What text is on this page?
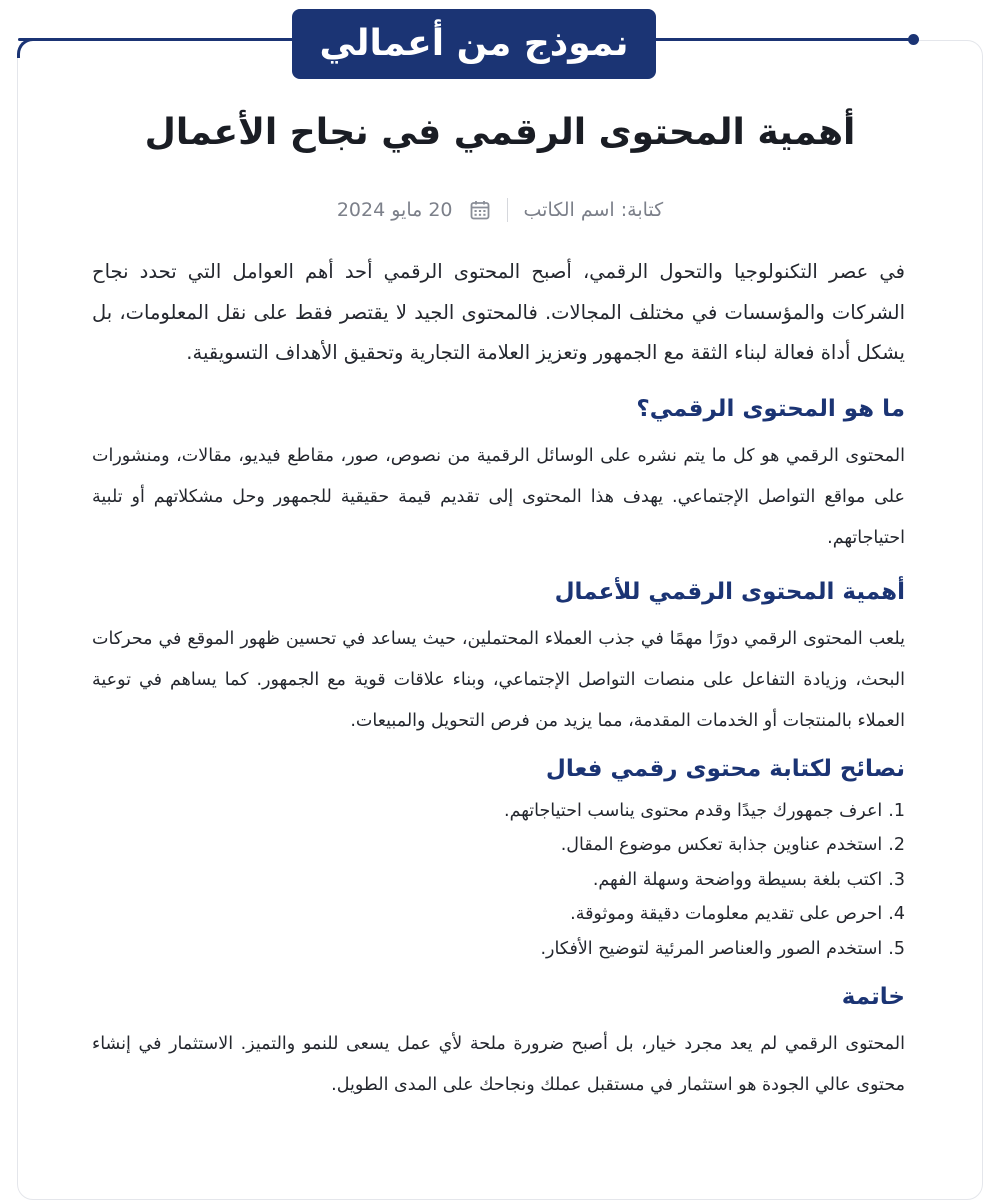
نموذج من أعمالي
أهمية المحتوى الرقمي في نجاح الأعمال
كتابة: اسم الكاتب
20 مايو 2024

في عصر التكنولوجيا والتحول الرقمي، أصبح المحتوى الرقمي أحد أهم العوامل التي تحدد نجاح الشركات والمؤسسات في مختلف المجالات. فالمحتوى الجيد لا يقتصر فقط على نقل المعلومات، بل يشكل أداة فعالة لبناء الثقة مع الجمهور وتعزيز العلامة التجارية وتحقيق الأهداف التسويقية.

ما هو المحتوى الرقمي؟

المحتوى الرقمي هو كل ما يتم نشره على الوسائل الرقمية من نصوص، صور، مقاطع فيديو، مقالات، ومنشورات على مواقع التواصل الإجتماعي. يهدف هذا المحتوى إلى تقديم قيمة حقيقية للجمهور وحل مشكلاتهم أو تلبية احتياجاتهم.

أهمية المحتوى الرقمي للأعمال

يلعب المحتوى الرقمي دورًا مهمًا في جذب العملاء المحتملين، حيث يساعد في تحسين ظهور الموقع في محركات البحث، وزيادة التفاعل على منصات التواصل الإجتماعي، وبناء علاقات قوية مع الجمهور. كما يساهم في توعية العملاء بالمنتجات أو الخدمات المقدمة، مما يزيد من فرص التحويل والمبيعات.

نصائح لكتابة محتوى رقمي فعال
1.
اعرف جمهورك جيدًا وقدم محتوى يناسب احتياجاتهم.
2.
استخدم عناوين جذابة تعكس موضوع المقال.
3.
اكتب بلغة بسيطة وواضحة وسهلة الفهم.
4.
احرص على تقديم معلومات دقيقة وموثوقة.
5.
استخدم الصور والعناصر المرئية لتوضيح الأفكار.
خاتمة

المحتوى الرقمي لم يعد مجرد خيار، بل أصبح ضرورة ملحة لأي عمل يسعى للنمو والتميز. الاستثمار في إنشاء محتوى عالي الجودة هو استثمار في مستقبل عملك ونجاحك على المدى الطويل.
